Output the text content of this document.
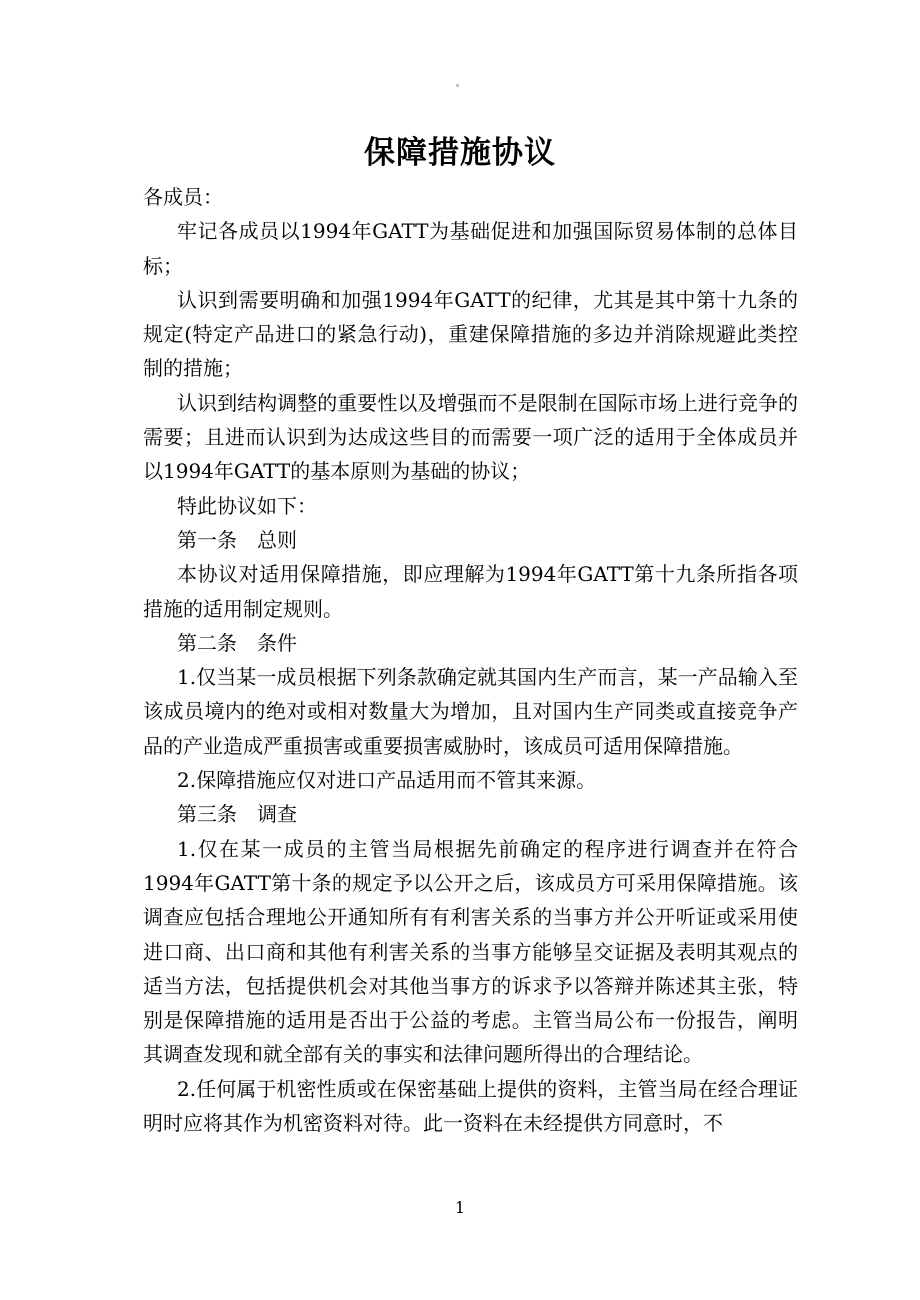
保障措施协议

各成员：

牢记各成员以1994年GATT为基础促进和加强国际贸易体制的总体目标；

认识到需要明确和加强1994年GATT的纪律，尤其是其中第十九条的规定(特定产品进口的紧急行动)，重建保障措施的多边并消除规避此类控制的措施；

认识到结构调整的重要性以及增强而不是限制在国际市场上进行竞争的需要；且进而认识到为达成这些目的而需要一项广泛的适用于全体成员并以1994年GATT的基本原则为基础的协议；

特此协议如下：

第一条　总则

本协议对适用保障措施，即应理解为1994年GATT第十九条所指各项措施的适用制定规则。

第二条　条件

1.仅当某一成员根据下列条款确定就其国内生产而言，某一产品输入至该成员境内的绝对或相对数量大为增加，且对国内生产同类或直接竞争产品的产业造成严重损害或重要损害威胁时，该成员可适用保障措施。

2.保障措施应仅对进口产品适用而不管其来源。

第三条　调查

1.仅在某一成员的主管当局根据先前确定的程序进行调查并在符合1994年GATT第十条的规定予以公开之后，该成员方可采用保障措施。该调查应包括合理地公开通知所有有利害关系的当事方并公开听证或采用使进口商、出口商和其他有利害关系的当事方能够呈交证据及表明其观点的适当方法，包括提供机会对其他当事方的诉求予以答辩并陈述其主张，特别是保障措施的适用是否出于公益的考虑。主管当局公布一份报告，阐明其调查发现和就全部有关的事实和法律问题所得出的合理结论。

2.任何属于机密性质或在保密基础上提供的资料，主管当局在经合理证明时应将其作为机密资料对待。此一资料在未经提供方同意时，不

1
